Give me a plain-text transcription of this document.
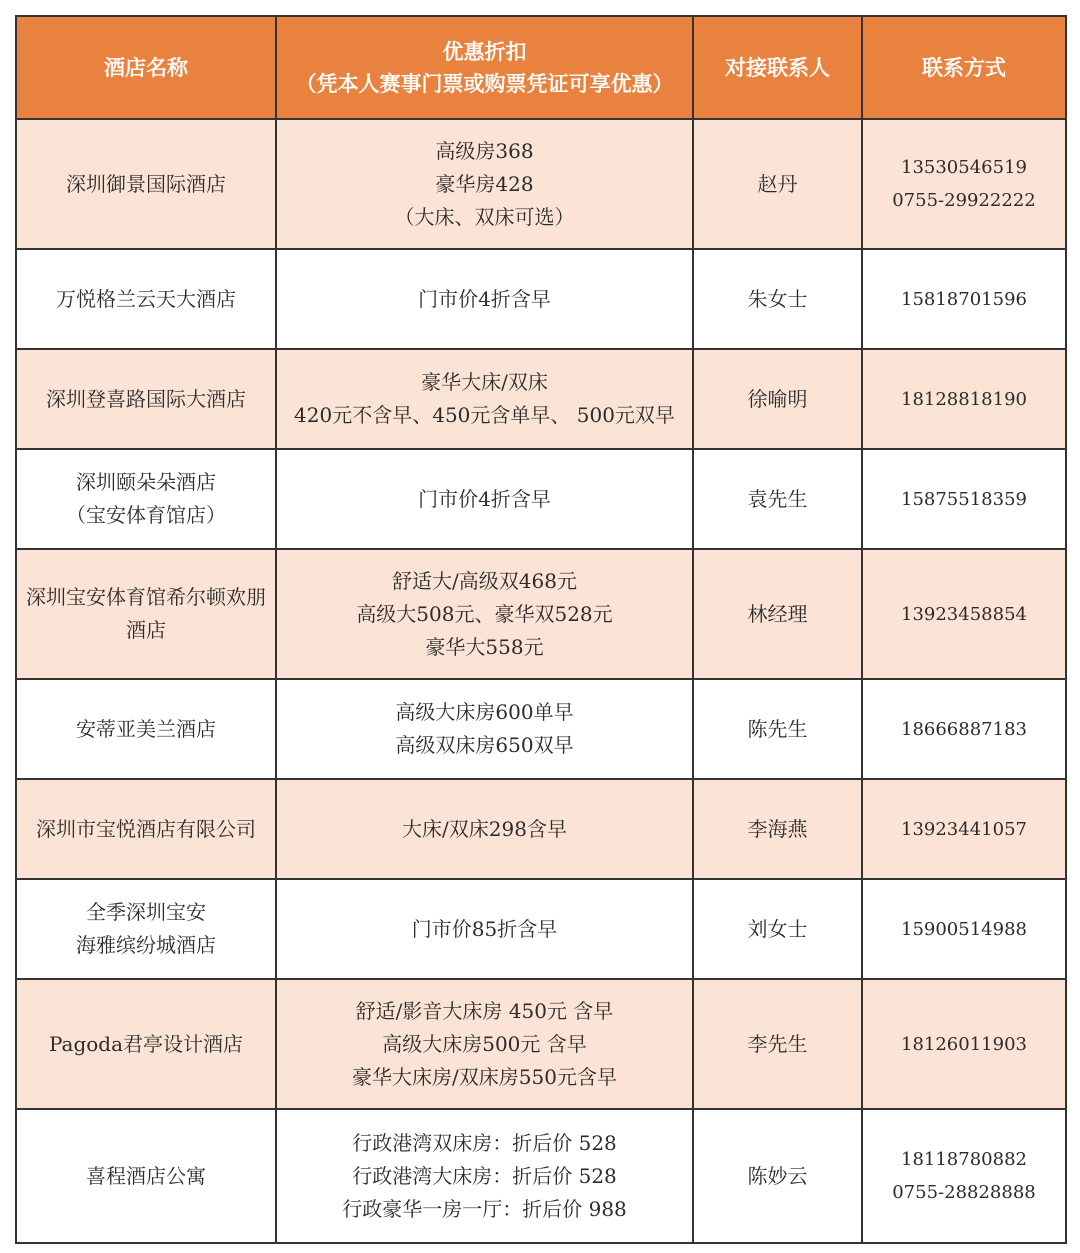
酒店名称	优惠折扣
（凭本人赛事门票或购票凭证可享优惠）	对接联系人	联系方式

深圳御景国际酒店	高级房368
豪华房428
（大床、双床可选）	赵丹	13530546519
0755-29922222

万悦格兰云天大酒店	门市价4折含早	朱女士	15818701596

深圳登喜路国际大酒店	豪华大床/双床
420元不含早、450元含单早、 500元双早	徐喻明	18128818190

深圳颐朵朵酒店
（宝安体育馆店）	门市价4折含早	袁先生	15875518359

深圳宝安体育馆希尔顿欢朋酒店	舒适大/高级双468元
高级大508元、豪华双528元
豪华大558元	林经理	13923458854

安蒂亚美兰酒店	高级大床房600单早
高级双床房650双早	陈先生	18666887183

深圳市宝悦酒店有限公司	大床/双床298含早	李海燕	13923441057

全季深圳宝安
海雅缤纷城酒店	门市价85折含早	刘女士	15900514988

Pagoda君亭设计酒店	舒适/影音大床房 450元 含早
高级大床房500元 含早
豪华大床房/双床房550元含早	李先生	18126011903

喜程酒店公寓	行政港湾双床房：折后价 528
行政港湾大床房：折后价 528
行政豪华一房一厅：折后价 988	陈妙云	18118780882
0755-28828888
